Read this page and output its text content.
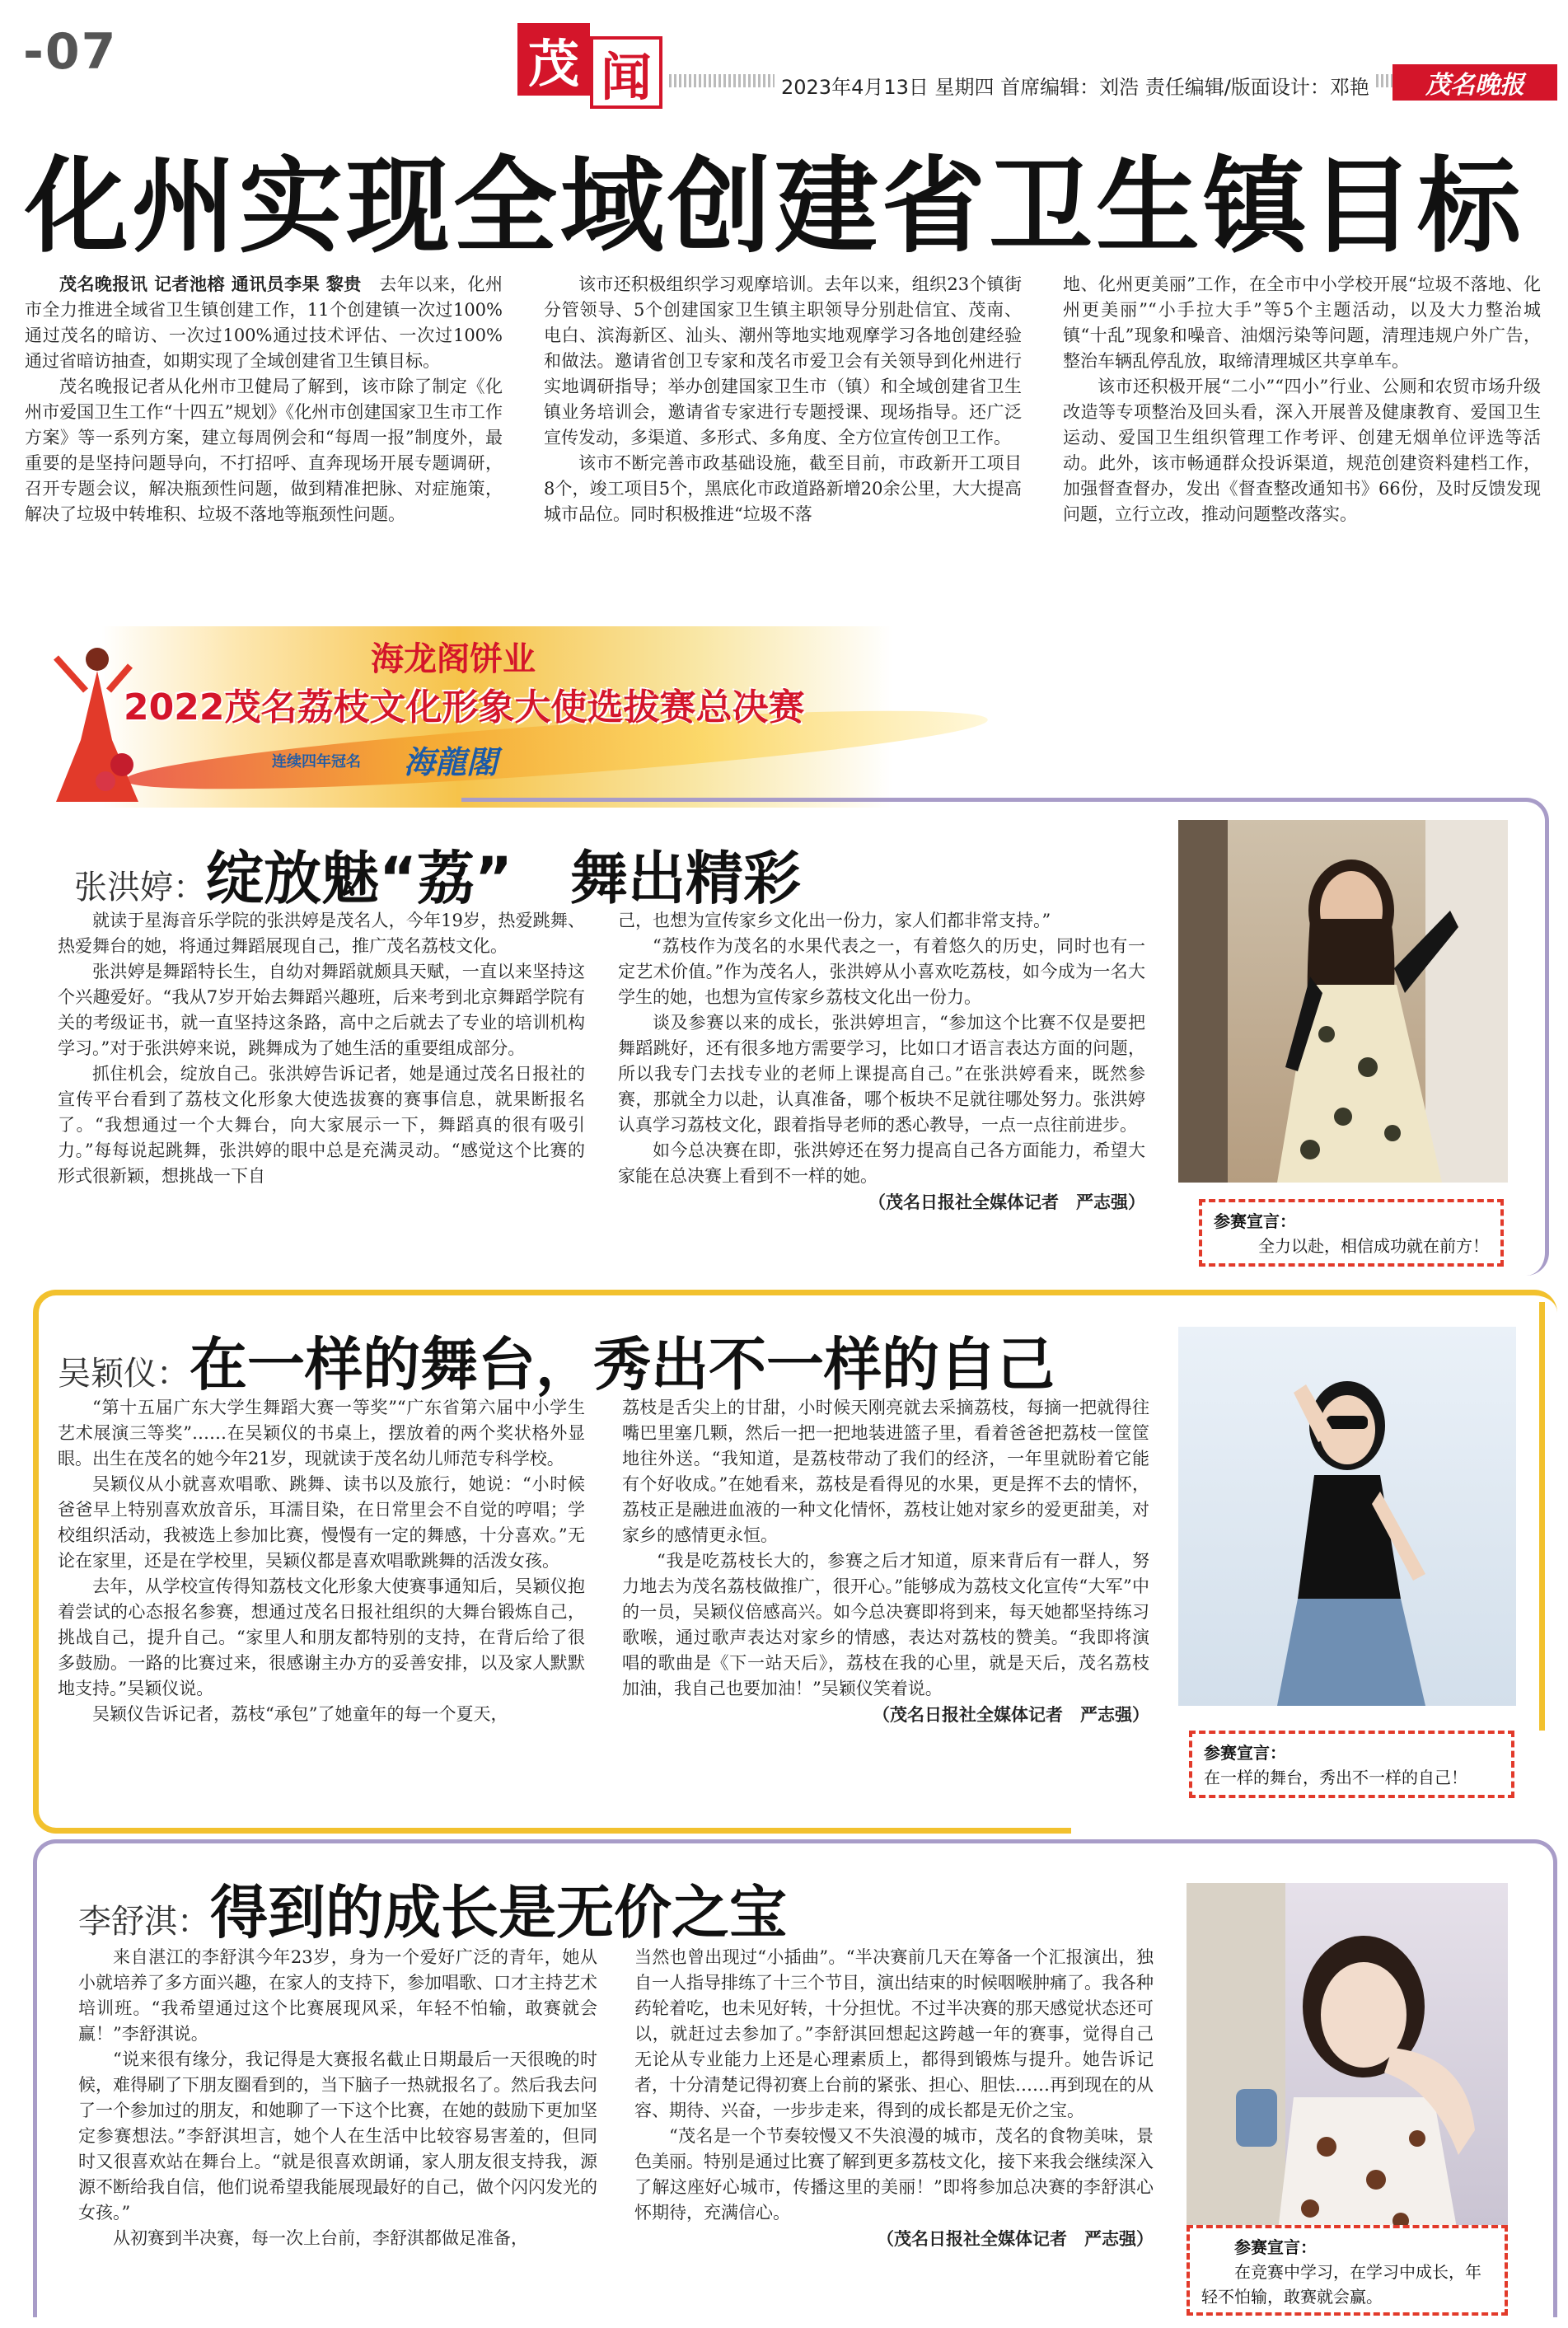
-07	茂 闻	2023年4月13日 星期四 首席编辑：刘浩 责任编辑/版面设计：邓艳	茂名晚报
化州实现全域创建省卫生镇目标

茂名晚报讯 记者池榕 通讯员李果 黎贵　 去年以来，化州市全力推进全域省卫生镇创建工作，11个创建镇一次过100%通过茂名的暗访、一次过100%通过技术评估、一次过100%通过省暗访抽查，如期实现了全域创建省卫生镇目标。

茂名晚报记者从化州市卫健局了解到，该市除了制定《化州市爱国卫生工作“十四五”规划》《化州市创建国家卫生市工作方案》等一系列方案，建立每周例会和“每周一报”制度外，最重要的是坚持问题导向，不打招呼、直奔现场开展专题调研，召开专题会议，解决瓶颈性问题，做到精准把脉、对症施策，解决了垃圾中转堆积、垃圾不落地等瓶颈性问题。

该市还积极组织学习观摩培训。去年以来，组织23个镇街分管领导、5个创建国家卫生镇主职领导分别赴信宜、茂南、电白、滨海新区、汕头、潮州等地实地观摩学习各地创建经验和做法。邀请省创卫专家和茂名市爱卫会有关领导到化州进行实地调研指导；举办创建国家卫生市（镇）和全域创建省卫生镇业务培训会，邀请省专家进行专题授课、现场指导。还广泛宣传发动，多渠道、多形式、多角度、全方位宣传创卫工作。

该市不断完善市政基础设施，截至目前，市政新开工项目8个，竣工项目5个，黑底化市政道路新增20余公里，大大提高城市品位。同时积极推进“垃圾不落

地、化州更美丽”工作，在全市中小学校开展“垃圾不落地、化州更美丽”“小手拉大手”等5个主题活动，以及大力整治城镇“十乱”现象和噪音、油烟污染等问题，清理违规户外广告，整治车辆乱停乱放，取缔清理城区共享单车。

该市还积极开展“二小”“四小”行业、公厕和农贸市场升级改造等专项整治及回头看，深入开展普及健康教育、爱国卫生运动、爱国卫生组织管理工作考评、创建无烟单位评选等活动。此外，该市畅通群众投诉渠道，规范创建资料建档工作，加强督查督办，发出《督查整改通知书》66份，及时反馈发现问题，立行立改，推动问题整改落实。

海龙阁饼业
2022茂名荔枝文化形象大使选拔赛总决赛
连续四年冠名 海龍閣
张洪婷：绽放魅“荔”　舞出精彩

就读于星海音乐学院的张洪婷是茂名人，今年19岁，热爱跳舞、热爱舞台的她，将通过舞蹈展现自己，推广茂名荔枝文化。

张洪婷是舞蹈特长生，自幼对舞蹈就颇具天赋，一直以来坚持这个兴趣爱好。“我从7岁开始去舞蹈兴趣班，后来考到北京舞蹈学院有关的考级证书，就一直坚持这条路，高中之后就去了专业的培训机构学习。”对于张洪婷来说，跳舞成为了她生活的重要组成部分。

抓住机会，绽放自己。张洪婷告诉记者，她是通过茂名日报社的宣传平台看到了荔枝文化形象大使选拔赛的赛事信息，就果断报名了。“我想通过一个大舞台，向大家展示一下，舞蹈真的很有吸引力。”每每说起跳舞，张洪婷的眼中总是充满灵动。“感觉这个比赛的形式很新颖，想挑战一下自

己，也想为宣传家乡文化出一份力，家人们都非常支持。”

“荔枝作为茂名的水果代表之一，有着悠久的历史，同时也有一定艺术价值。”作为茂名人，张洪婷从小喜欢吃荔枝，如今成为一名大学生的她，也想为宣传家乡荔枝文化出一份力。

谈及参赛以来的成长，张洪婷坦言，“参加这个比赛不仅是要把舞蹈跳好，还有很多地方需要学习，比如口才语言表达方面的问题，所以我专门去找专业的老师上课提高自己。”在张洪婷看来，既然参赛，那就全力以赴，认真准备，哪个板块不足就往哪处努力。张洪婷认真学习荔枝文化，跟着指导老师的悉心教导，一点一点往前进步。

如今总决赛在即，张洪婷还在努力提高自己各方面能力，希望大家能在总决赛上看到不一样的她。

（茂名日报社全媒体记者　严志强）
参赛宣言：
全力以赴，相信成功就在前方！
吴颖仪：在一样的舞台，秀出不一样的自己

“第十五届广东大学生舞蹈大赛一等奖”“广东省第六届中小学生艺术展演三等奖”……在吴颖仪的书桌上，摆放着的两个奖状格外显眼。出生在茂名的她今年21岁，现就读于茂名幼儿师范专科学校。

吴颖仪从小就喜欢唱歌、跳舞、读书以及旅行，她说：“小时候爸爸早上特别喜欢放音乐，耳濡目染，在日常里会不自觉的哼唱；学校组织活动，我被选上参加比赛，慢慢有一定的舞感，十分喜欢。”无论在家里，还是在学校里，吴颖仪都是喜欢唱歌跳舞的活泼女孩。

去年，从学校宣传得知荔枝文化形象大使赛事通知后，吴颖仪抱着尝试的心态报名参赛，想通过茂名日报社组织的大舞台锻炼自己，挑战自己，提升自己。“家里人和朋友都特别的支持，在背后给了很多鼓励。一路的比赛过来，很感谢主办方的妥善安排，以及家人默默地支持。”吴颖仪说。

吴颖仪告诉记者，荔枝“承包”了她童年的每一个夏天，

荔枝是舌尖上的甘甜，小时候天刚亮就去采摘荔枝，每摘一把就得往嘴巴里塞几颗，然后一把一把地装进篮子里，看着爸爸把荔枝一筐筐地往外送。“我知道，是荔枝带动了我们的经济，一年里就盼着它能有个好收成。”在她看来，荔枝是看得见的水果，更是挥不去的情怀，荔枝正是融进血液的一种文化情怀，荔枝让她对家乡的爱更甜美，对家乡的感情更永恒。

“我是吃荔枝长大的，参赛之后才知道，原来背后有一群人，努力地去为茂名荔枝做推广，很开心。”能够成为荔枝文化宣传“大军”中的一员，吴颖仪倍感高兴。如今总决赛即将到来，每天她都坚持练习歌喉，通过歌声表达对家乡的情感，表达对荔枝的赞美。“我即将演唱的歌曲是《下一站天后》，荔枝在我的心里，就是天后，茂名荔枝加油，我自己也要加油！”吴颖仪笑着说。

（茂名日报社全媒体记者　严志强）
参赛宣言：
在一样的舞台，秀出不一样的自己！
李舒淇：得到的成长是无价之宝

来自湛江的李舒淇今年23岁，身为一个爱好广泛的青年，她从小就培养了多方面兴趣，在家人的支持下，参加唱歌、口才主持艺术培训班。“我希望通过这个比赛展现风采，年轻不怕输，敢赛就会赢！”李舒淇说。

“说来很有缘分，我记得是大赛报名截止日期最后一天很晚的时候，难得刷了下朋友圈看到的，当下脑子一热就报名了。然后我去问了一个参加过的朋友，和她聊了一下这个比赛，在她的鼓励下更加坚定参赛想法。”李舒淇坦言，她个人在生活中比较容易害羞的，但同时又很喜欢站在舞台上。“就是很喜欢朗诵，家人朋友很支持我，源源不断给我自信，他们说希望我能展现最好的自己，做个闪闪发光的女孩。”

从初赛到半决赛，每一次上台前，李舒淇都做足准备，

当然也曾出现过“小插曲”。“半决赛前几天在筹备一个汇报演出，独自一人指导排练了十三个节目，演出结束的时候咽喉肿痛了。我各种药轮着吃，也未见好转，十分担忧。不过半决赛的那天感觉状态还可以，就赶过去参加了。”李舒淇回想起这跨越一年的赛事，觉得自己无论从专业能力上还是心理素质上，都得到锻炼与提升。她告诉记者，十分清楚记得初赛上台前的紧张、担心、胆怯……再到现在的从容、期待、兴奋，一步步走来，得到的成长都是无价之宝。

“茂名是一个节奏较慢又不失浪漫的城市，茂名的食物美味，景色美丽。特别是通过比赛了解到更多荔枝文化，接下来我会继续深入了解这座好心城市，传播这里的美丽！”即将参加总决赛的李舒淇心怀期待，充满信心。

（茂名日报社全媒体记者　严志强）	参赛宣言：
在竞赛中学习，在学习中成长，年轻不怕输，敢赛就会赢。
